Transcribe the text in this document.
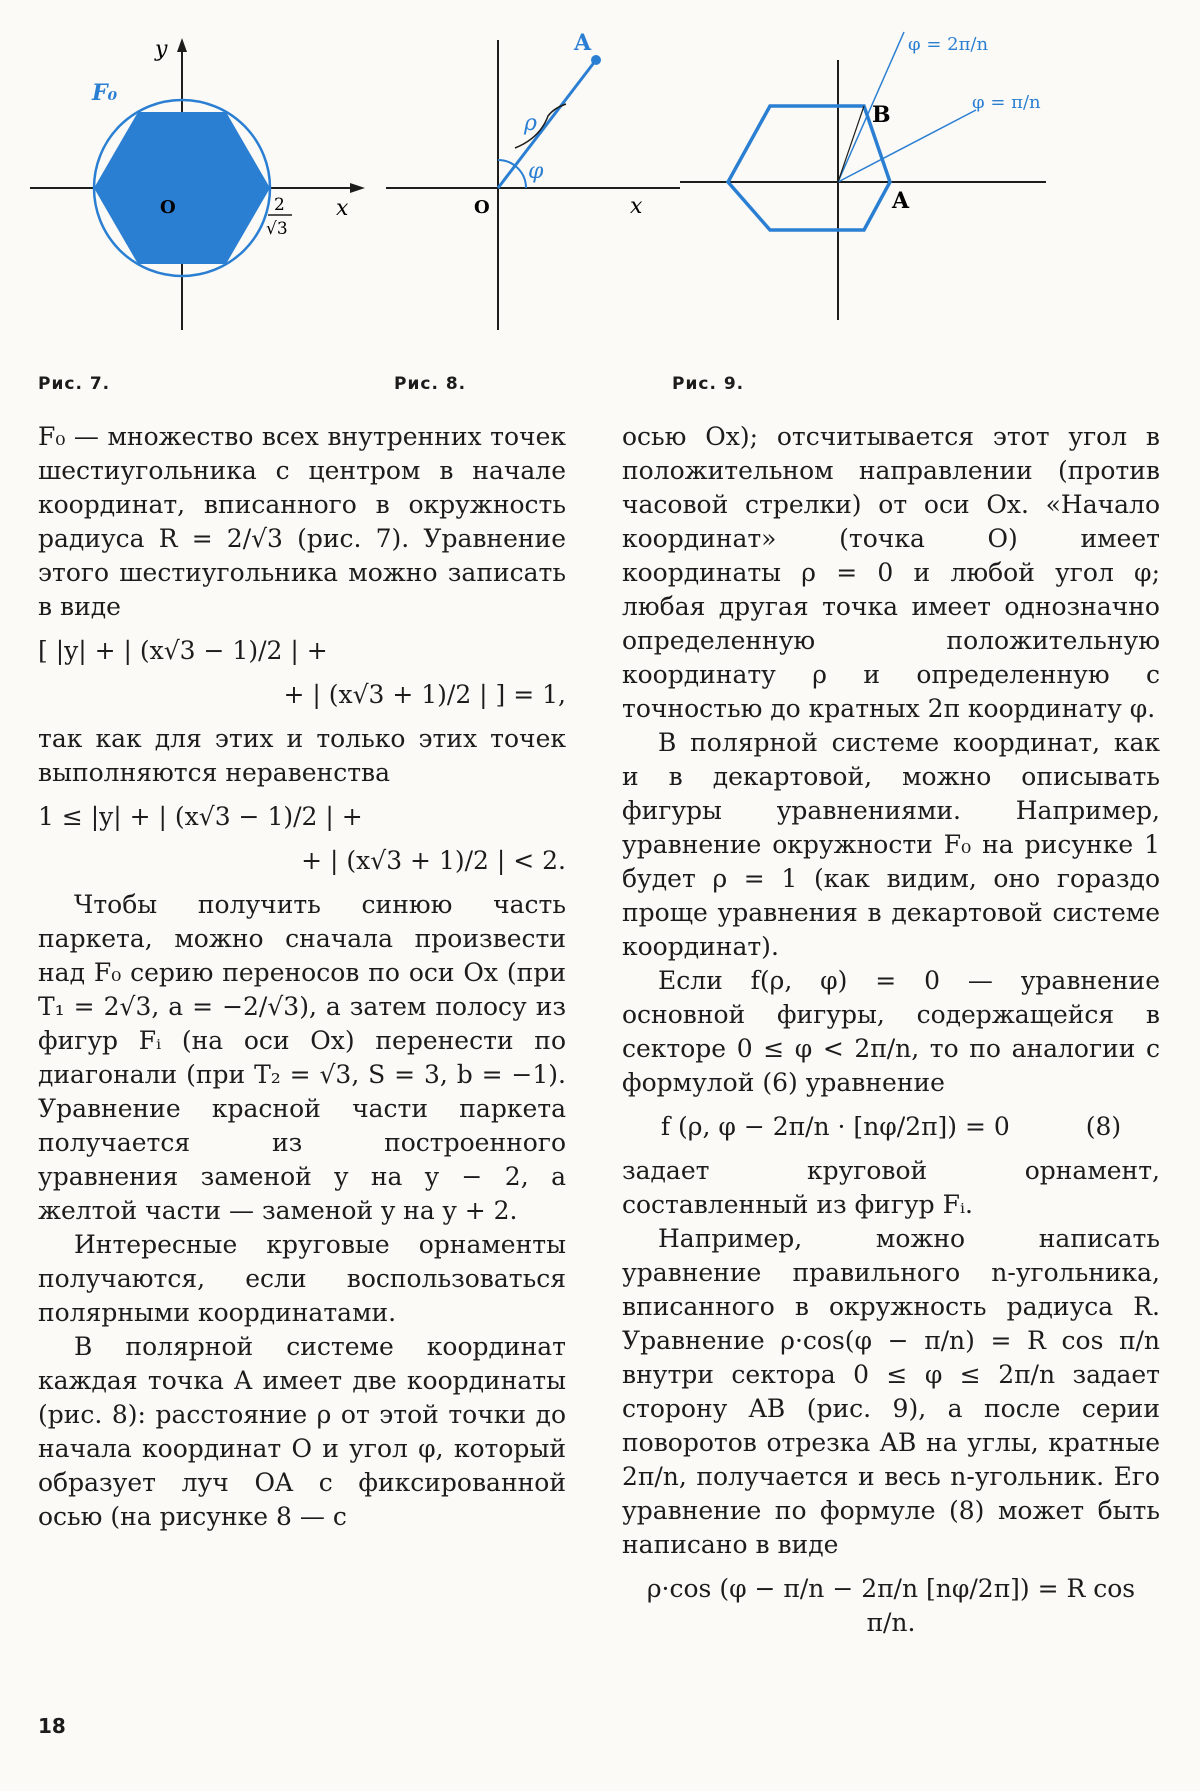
y
x
O
F₀
2
√3
Рис. 7.
A
ρ
φ
O	x
Рис. 8.
B
A
φ = 2π/n
φ = π/n
Рис. 9.

F₀ — множество всех внутренних точек шестиугольника с центром в начале координат, вписанного в окружность радиуса R = 2/√3 (рис. 7). Уравнение этого шестиугольника можно записать в виде

[ |y| + | (x√3 − 1)/2 | +
+ | (x√3 + 1)/2 | ] = 1,

так как для этих и только этих точек выполняются неравенства

1 ≤ |y| + | (x√3 − 1)/2 | +
+ | (x√3 + 1)/2 | < 2.

Чтобы получить синюю часть паркета, можно сначала произвести над F₀ серию переносов по оси Ox (при T₁ = 2√3, a = −2/√3), а затем полосу из фигур Fᵢ (на оси Ox) перенести по диагонали (при T₂ = √3, S = 3, b = −1). Уравнение красной части паркета получается из построенного уравнения заменой y на y − 2, а желтой части — заменой y на y + 2.

Интересные круговые орнаменты получаются, если воспользоваться полярными координатами.

В полярной системе координат каждая точка A имеет две координаты (рис. 8): расстояние ρ от этой точки до начала координат O и угол φ, который образует луч OA с фиксированной осью (на рисунке 8 — с

осью Ox); отсчитывается этот угол в положительном направлении (против часовой стрелки) от оси Ox. «Начало координат» (точка O) имеет координаты ρ = 0 и любой угол φ; любая другая точка имеет однозначно определенную положительную координату ρ и определенную с точностью до кратных 2π координату φ.

В полярной системе координат, как и в декартовой, можно описывать фигуры уравнениями. Например, уравнение окружности F₀ на рисунке 1 будет ρ = 1 (как видим, оно гораздо проще уравнения в декартовой системе координат).

Если f(ρ, φ) = 0 — уравнение основной фигуры, содержащейся в секторе 0 ≤ φ < 2π/n, то по аналогии с формулой (6) уравнение

f (ρ, φ − 2π/n · [nφ/2π]) = 0	(8)

задает круговой орнамент, составленный из фигур Fᵢ.

Например, можно написать уравнение правильного n-угольника, вписанного в окружность радиуса R. Уравнение ρ·cos(φ − π/n) = R cos π/n внутри сектора 0 ≤ φ ≤ 2π/n задает сторону AB (рис. 9), а после серии поворотов отрезка AB на углы, кратные 2π/n, получается и весь n-угольник. Его уравнение по формуле (8) может быть написано в виде

ρ·cos (φ − π/n − 2π/n [nφ/2π]) = R cos π/n.
18
